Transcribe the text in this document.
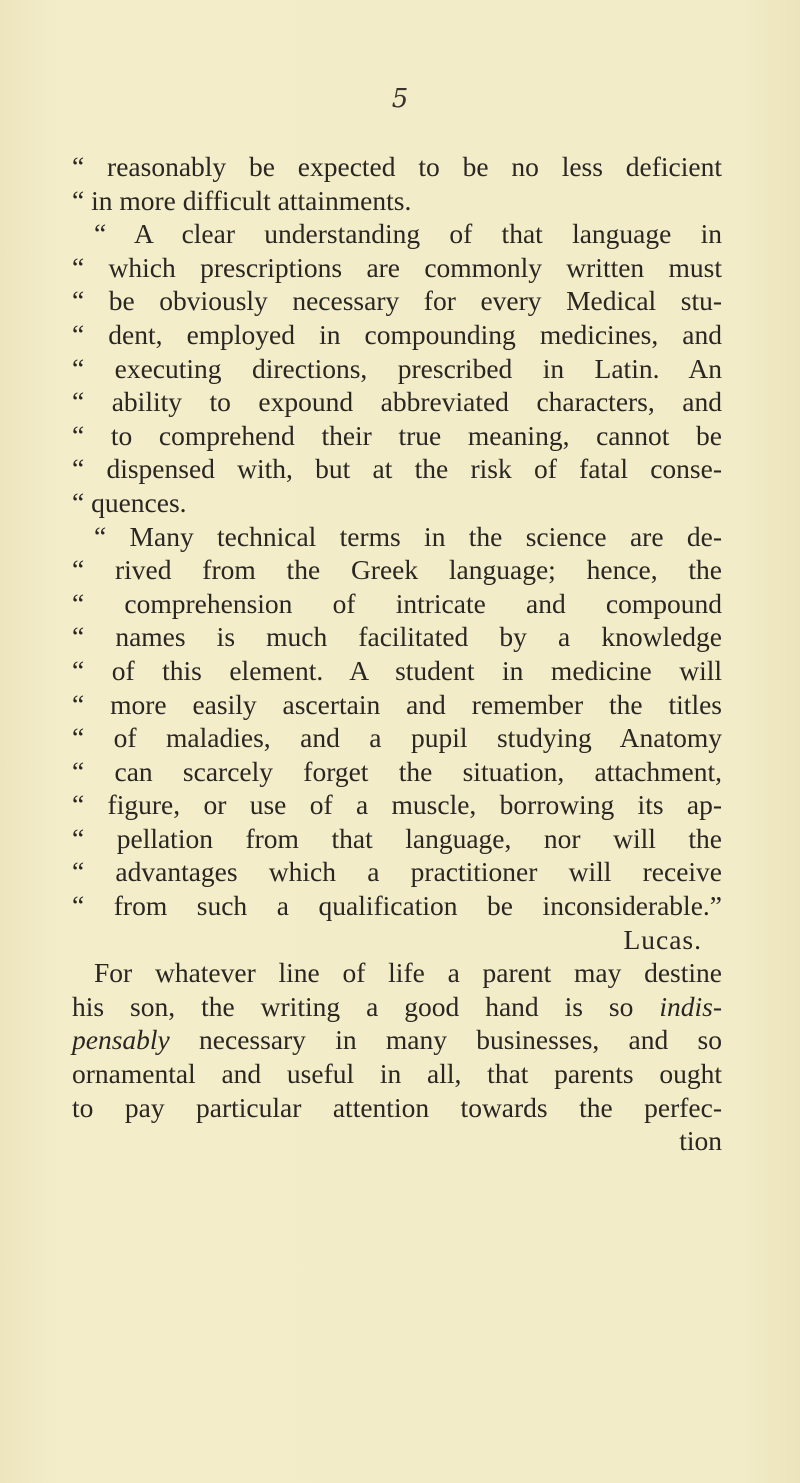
5
“ reasonably be expected to be no less deficient
“ in more difficult attainments.
“ A clear understanding of that language in
“ which prescriptions are commonly written must
“ be obviously necessary for every Medical stu-
“ dent, employed in compounding medicines, and
“ executing directions, prescribed in Latin. An
“ ability to expound abbreviated characters, and
“ to comprehend their true meaning, cannot be
“ dispensed with, but at the risk of fatal conse-
“ quences.
“ Many technical terms in the science are de-
“ rived from the Greek language; hence, the
“ comprehension of intricate and compound
“ names is much facilitated by a knowledge
“ of this element. A student in medicine will
“ more easily ascertain and remember the titles
“ of maladies, and a pupil studying Anatomy
“ can scarcely forget the situation, attachment,
“ figure, or use of a muscle, borrowing its ap-
“ pellation from that language, nor will the
“ advantages which a practitioner will receive
“ from such a qualification be inconsiderable.”
Lucas.
For whatever line of life a parent may destine
his son, the writing a good hand is so indis-
pensably necessary in many businesses, and so
ornamental and useful in all, that parents ought
to pay particular attention towards the perfec-
tion
